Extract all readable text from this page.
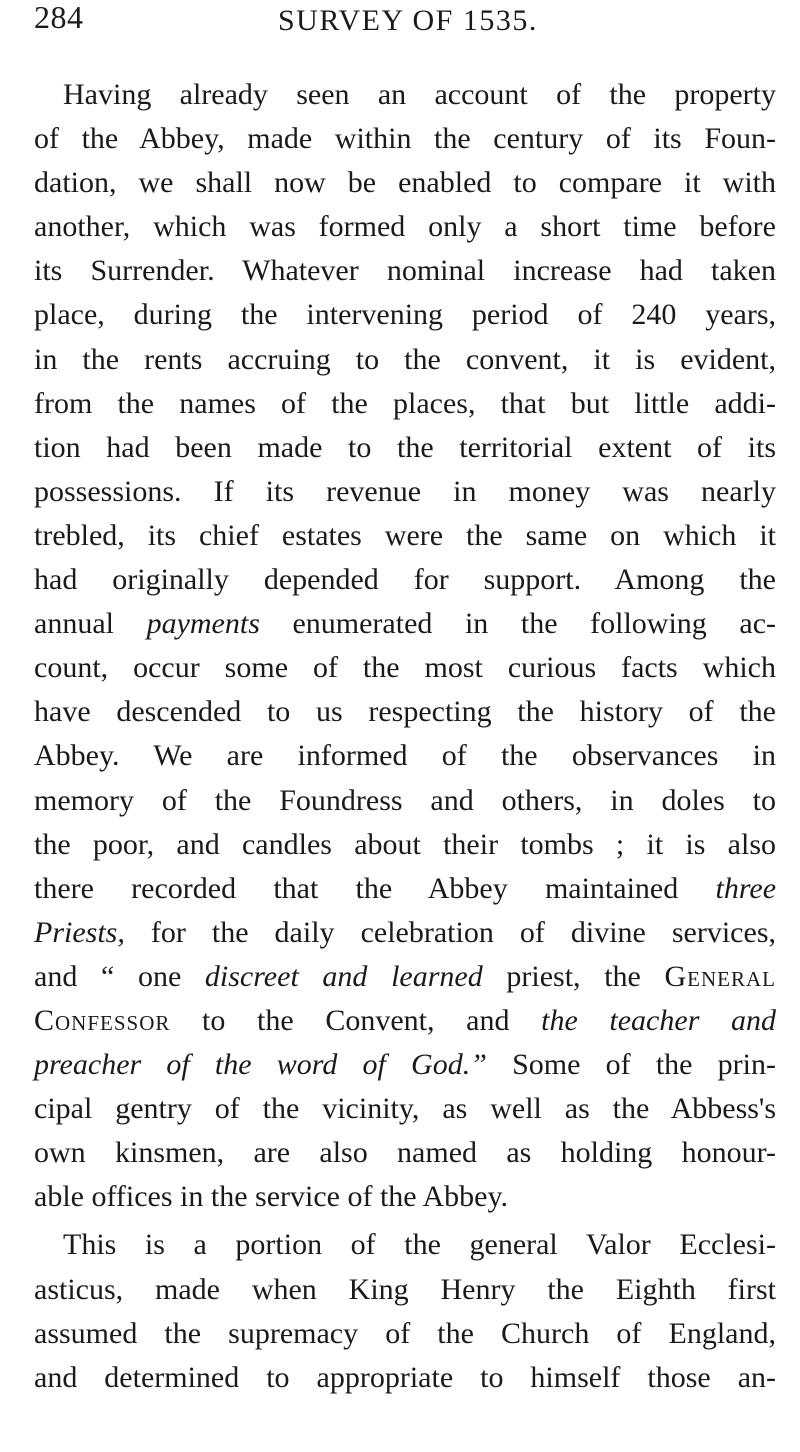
284	SURVEY OF 1535.
Having already seen an account of the property
of the Abbey, made within the century of its Foun-
dation, we shall now be enabled to compare it with
another, which was formed only a short time before
its Surrender. Whatever nominal increase had taken
place, during the intervening period of 240 years,
in the rents accruing to the convent, it is evident,
from the names of the places, that but little addi-
tion had been made to the territorial extent of its
possessions. If its revenue in money was nearly
trebled, its chief estates were the same on which it
had originally depended for support. Among the
annual payments enumerated in the following ac-
count, occur some of the most curious facts which
have descended to us respecting the history of the
Abbey. We are informed of the observances in
memory of the Foundress and others, in doles to
the poor, and candles about their tombs ; it is also
there recorded that the Abbey maintained three
Priests, for the daily celebration of divine services,
and “ one discreet and learned priest, the General
Confessor to the Convent, and the teacher and
preacher of the word of God.” Some of the prin-
cipal gentry of the vicinity, as well as the Abbess's
own kinsmen, are also named as holding honour-
able offices in the service of the Abbey.
This is a portion of the general Valor Ecclesi-
asticus, made when King Henry the Eighth first
assumed the supremacy of the Church of England,
and determined to appropriate to himself those an-
